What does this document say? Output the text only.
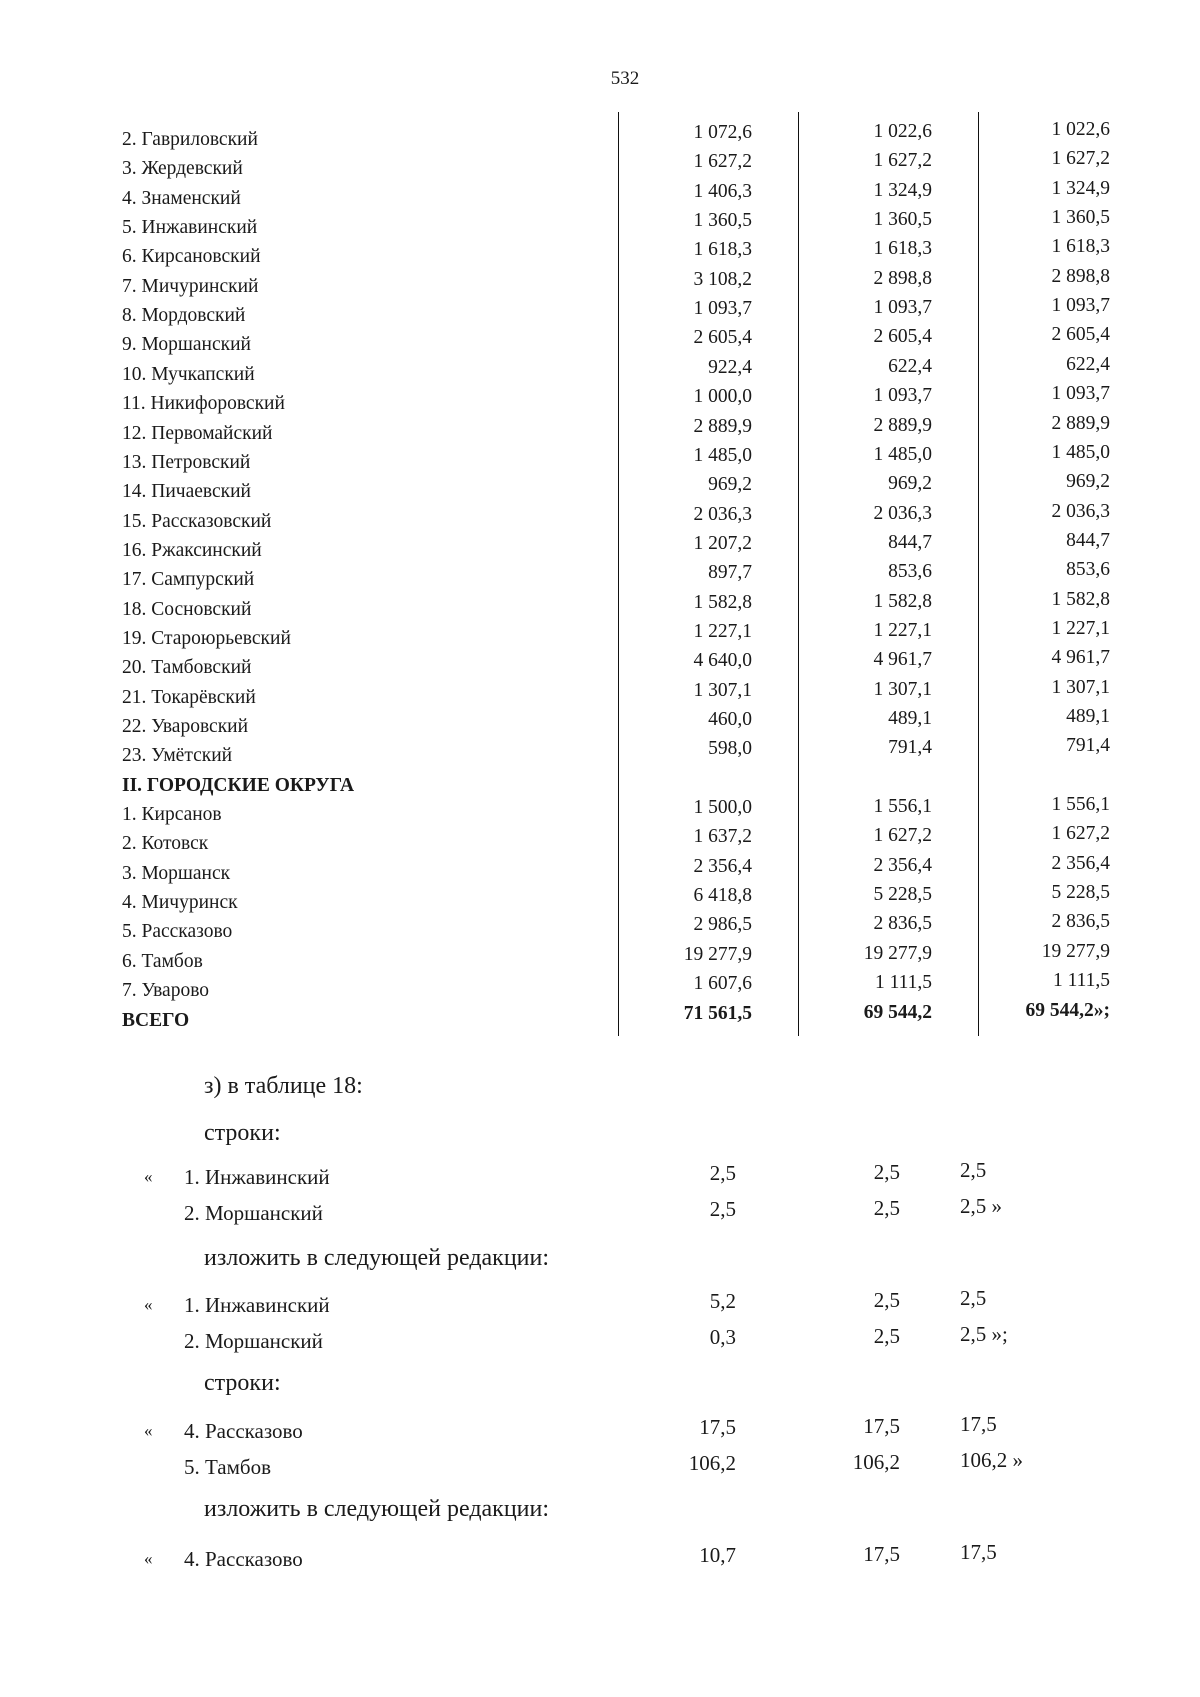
532
2. Гавриловский	1 072,6	1 022,6	1 022,6
3. Жердевский	1 627,2	1 627,2	1 627,2
4. Знаменский	1 406,3	1 324,9	1 324,9
5. Инжавинский	1 360,5	1 360,5	1 360,5
6. Кирсановский	1 618,3	1 618,3	1 618,3
7. Мичуринский	3 108,2	2 898,8	2 898,8
8. Мордовский	1 093,7	1 093,7	1 093,7
9. Моршанский	2 605,4	2 605,4	2 605,4
10. Мучкапский	922,4	622,4	622,4
11. Никифоровский	1 000,0	1 093,7	1 093,7
12. Первомайский	2 889,9	2 889,9	2 889,9
13. Петровский	1 485,0	1 485,0	1 485,0
14. Пичаевский	969,2	969,2	969,2
15. Рассказовский	2 036,3	2 036,3	2 036,3
16. Ржаксинский	1 207,2	844,7	844,7
17. Сампурский	897,7	853,6	853,6
18. Сосновский	1 582,8	1 582,8	1 582,8
19. Староюрьевский	1 227,1	1 227,1	1 227,1
20. Тамбовский	4 640,0	4 961,7	4 961,7
21. Токарёвский	1 307,1	1 307,1	1 307,1
22. Уваровский	460,0	489,1	489,1
23. Умётский	598,0	791,4	791,4
II. ГОРОДСКИЕ ОКРУГА
1. Кирсанов	1 500,0	1 556,1	1 556,1
2. Котовск	1 637,2	1 627,2	1 627,2
3. Моршанск	2 356,4	2 356,4	2 356,4
4. Мичуринск	6 418,8	5 228,5	5 228,5
5. Рассказово	2 986,5	2 836,5	2 836,5
6. Тамбов	19 277,9	19 277,9	19 277,9
7. Уварово	1 607,6	1 111,5	1 111,5
ВСЕГО	71 561,5	69 544,2	69 544,2»;
з) в таблице 18:
строки:
« 1. Инжавинский	2,5	2,5	2,5
2. Моршанский	2,5	2,5	2,5 »
изложить в следующей редакции:
« 1. Инжавинский	5,2	2,5	2,5
2. Моршанский	0,3	2,5	2,5 »;
строки:
« 4. Рассказово	17,5	17,5	17,5
5. Тамбов	106,2	106,2	106,2 »
изложить в следующей редакции:
« 4. Рассказово	10,7	17,5	17,5
